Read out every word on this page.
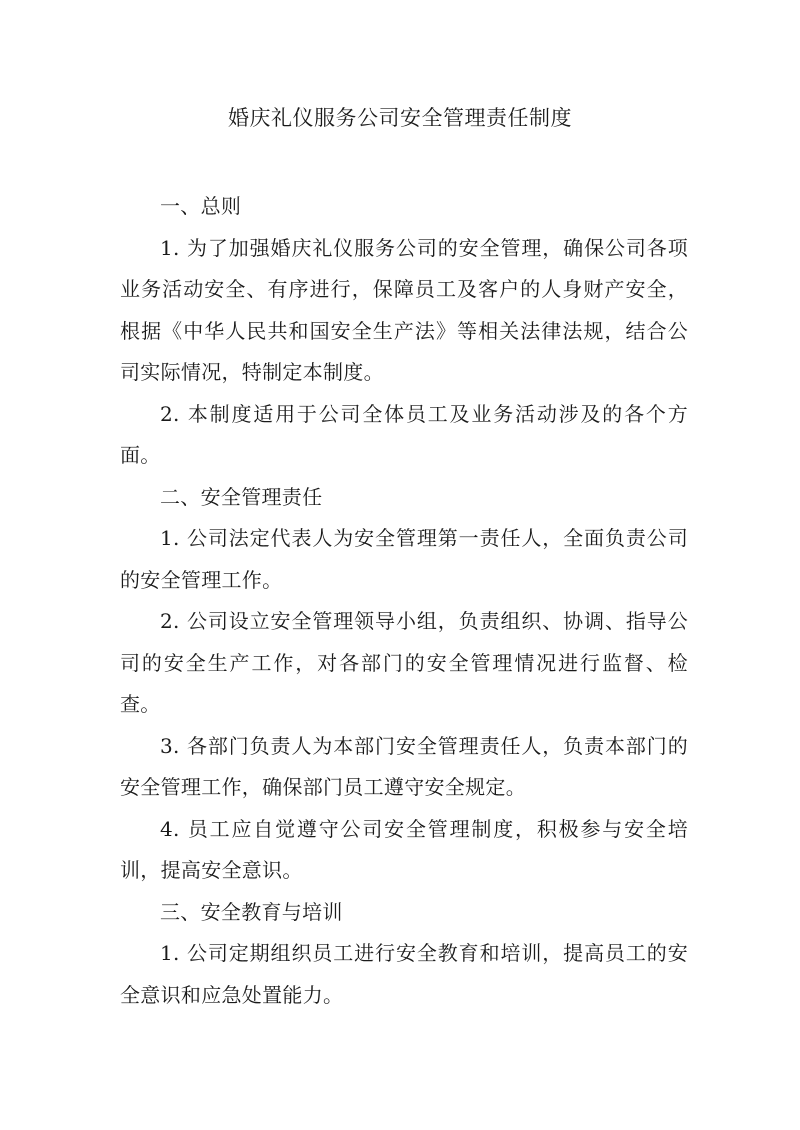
婚庆礼仪服务公司安全管理责任制度

一、总则

1. 为了加强婚庆礼仪服务公司的安全管理，确保公司各项业务活动安全、有序进行，保障员工及客户的人身财产安全，根据《中华人民共和国安全生产法》等相关法律法规，结合公司实际情况，特制定本制度。

2. 本制度适用于公司全体员工及业务活动涉及的各个方面。

二、安全管理责任

1. 公司法定代表人为安全管理第一责任人，全面负责公司的安全管理工作。

2. 公司设立安全管理领导小组，负责组织、协调、指导公司的安全生产工作，对各部门的安全管理情况进行监督、检查。

3. 各部门负责人为本部门安全管理责任人，负责本部门的安全管理工作，确保部门员工遵守安全规定。

4. 员工应自觉遵守公司安全管理制度，积极参与安全培训，提高安全意识。

三、安全教育与培训

1. 公司定期组织员工进行安全教育和培训，提高员工的安全意识和应急处置能力。
